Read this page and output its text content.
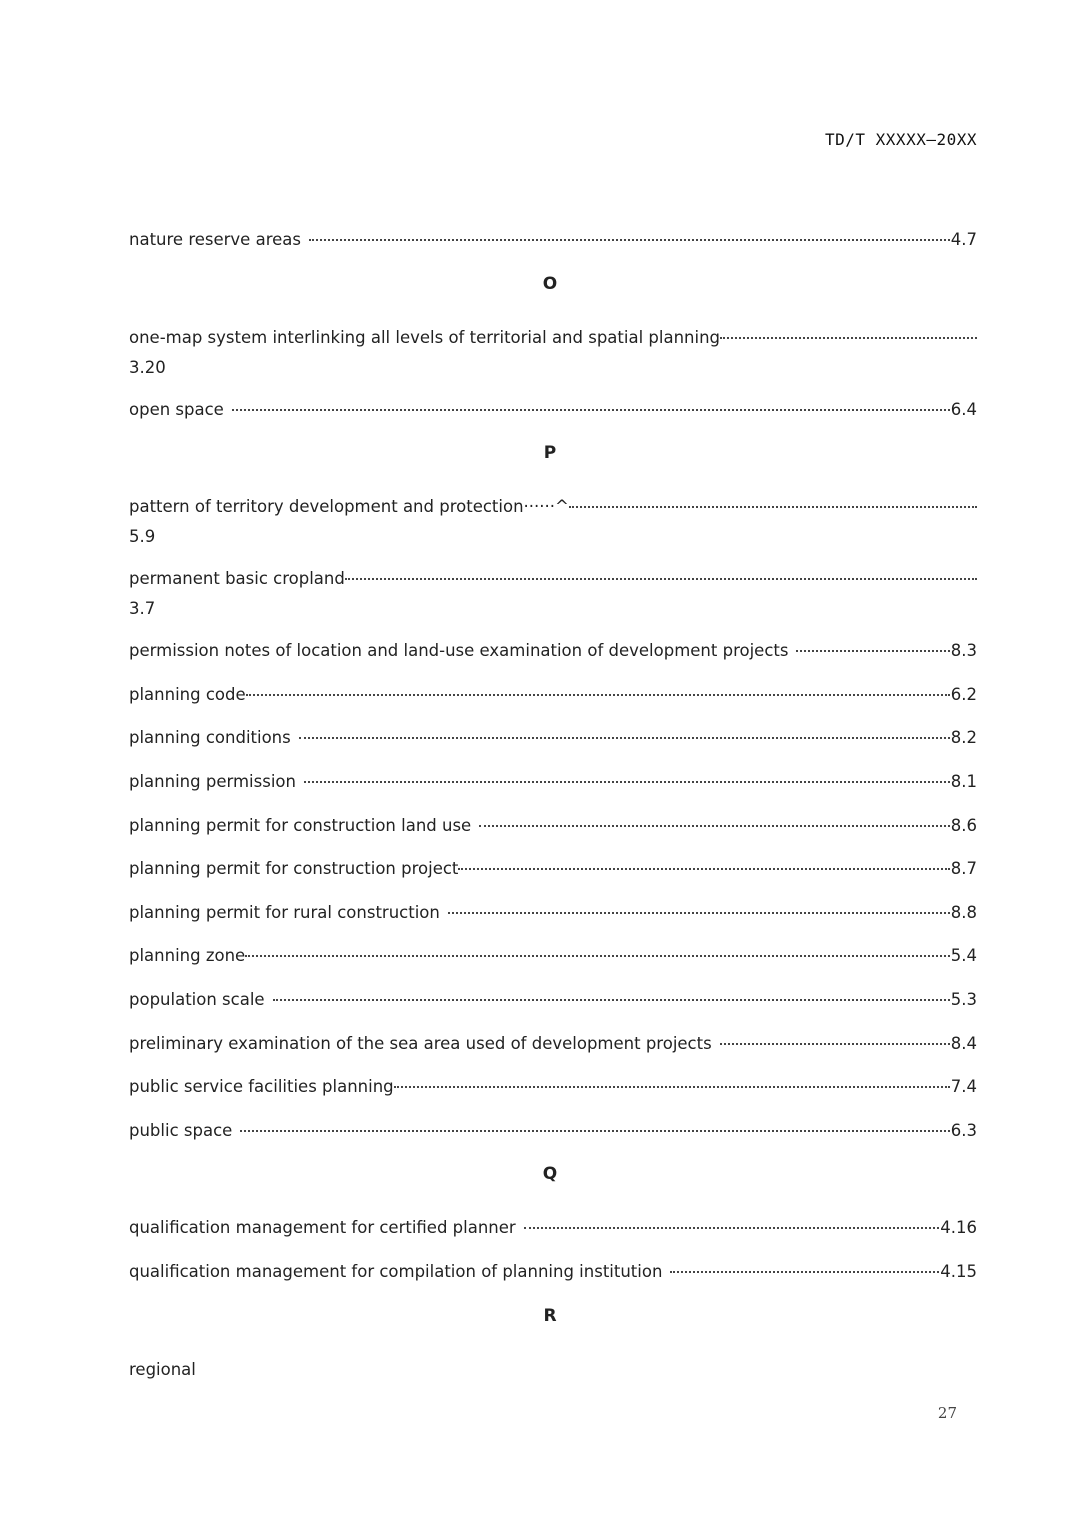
TD/T XXXXX—20XX
nature reserve areas	4.7
O
one-map system interlinking all levels of territorial and spatial planning
3.20
open space	6.4
P
pattern of territory development and protection······^
5.9
permanent basic cropland
3.7
permission notes of location and land-use examination of development projects	8.3
planning code	6.2
planning conditions	8.2
planning permission	8.1
planning permit for construction land use	8.6
planning permit for construction project	8.7
planning permit for rural construction	8.8
planning zone	5.4
population scale	5.3
preliminary examination of the sea area used of development projects	8.4
public service facilities planning	7.4
public space	6.3
Q
qualification management for certified planner	4.16
qualification management for compilation of planning institution	4.15
R
regional
27
